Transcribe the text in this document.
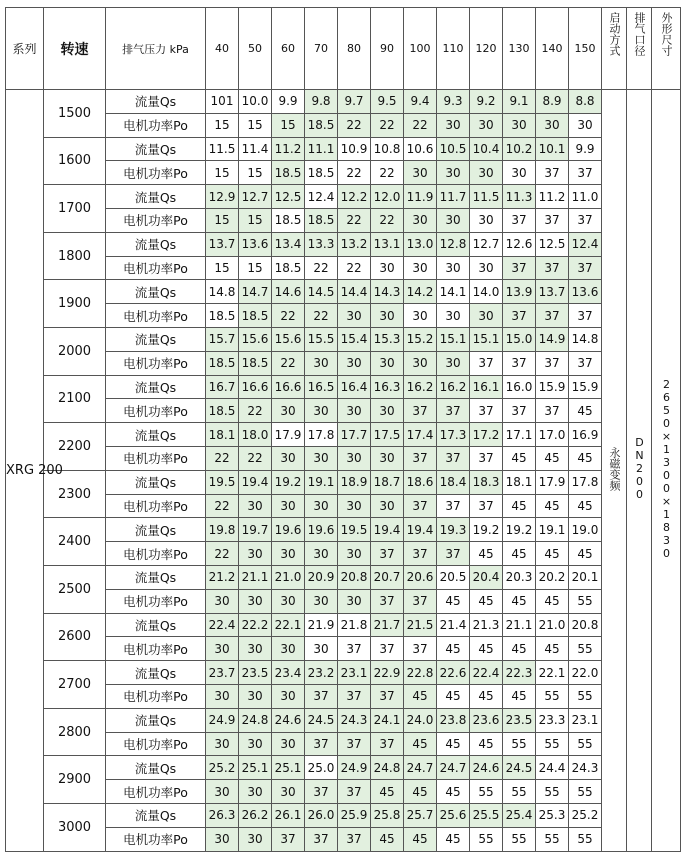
系列	转速	排气压力 kPa	40	50	60	70	80	90	100	110	120	130	140	150	启动方式	排气口径	外形尺寸
XRG 200	1500	流量Qs	101	10.0	9.9	9.8	9.7	9.5	9.4	9.3	9.2	9.1	8.9	8.8	永磁变频	DN200	2650×1300×1830
		电机功率Po	15	15	15	18.5	22	22	22	30	30	30	30	30			
	1600	流量Qs	11.5	11.4	11.2	11.1	10.9	10.8	10.6	10.5	10.4	10.2	10.1	9.9			
		电机功率Po	15	15	18.5	18.5	22	22	30	30	30	30	37	37			
	1700	流量Qs	12.9	12.7	12.5	12.4	12.2	12.0	11.9	11.7	11.5	11.3	11.2	11.0			
		电机功率Po	15	15	18.5	18.5	22	22	30	30	30	37	37	37			
	1800	流量Qs	13.7	13.6	13.4	13.3	13.2	13.1	13.0	12.8	12.7	12.6	12.5	12.4			
		电机功率Po	15	15	18.5	22	22	30	30	30	30	37	37	37			
	1900	流量Qs	14.8	14.7	14.6	14.5	14.4	14.3	14.2	14.1	14.0	13.9	13.7	13.6			
		电机功率Po	18.5	18.5	22	22	30	30	30	30	30	37	37	37			
	2000	流量Qs	15.7	15.6	15.6	15.5	15.4	15.3	15.2	15.1	15.1	15.0	14.9	14.8			
		电机功率Po	18.5	18.5	22	30	30	30	30	30	37	37	37	37			
	2100	流量Qs	16.7	16.6	16.6	16.5	16.4	16.3	16.2	16.2	16.1	16.0	15.9	15.9			
		电机功率Po	18.5	22	30	30	30	30	37	37	37	37	37	45			
	2200	流量Qs	18.1	18.0	17.9	17.8	17.7	17.5	17.4	17.3	17.2	17.1	17.0	16.9			
		电机功率Po	22	22	30	30	30	30	37	37	37	45	45	45			
	2300	流量Qs	19.5	19.4	19.2	19.1	18.9	18.7	18.6	18.4	18.3	18.1	17.9	17.8			
		电机功率Po	22	30	30	30	30	30	37	37	37	45	45	45			
	2400	流量Qs	19.8	19.7	19.6	19.6	19.5	19.4	19.4	19.3	19.2	19.2	19.1	19.0			
		电机功率Po	22	30	30	30	30	37	37	37	45	45	45	45			
	2500	流量Qs	21.2	21.1	21.0	20.9	20.8	20.7	20.6	20.5	20.4	20.3	20.2	20.1			
		电机功率Po	30	30	30	30	30	37	37	45	45	45	45	55			
	2600	流量Qs	22.4	22.2	22.1	21.9	21.8	21.7	21.5	21.4	21.3	21.1	21.0	20.8			
		电机功率Po	30	30	30	30	37	37	37	45	45	45	45	55			
	2700	流量Qs	23.7	23.5	23.4	23.2	23.1	22.9	22.8	22.6	22.4	22.3	22.1	22.0			
		电机功率Po	30	30	30	37	37	37	45	45	45	45	55	55			
	2800	流量Qs	24.9	24.8	24.6	24.5	24.3	24.1	24.0	23.8	23.6	23.5	23.3	23.1			
		电机功率Po	30	30	30	37	37	37	45	45	45	55	55	55			
	2900	流量Qs	25.2	25.1	25.1	25.0	24.9	24.8	24.7	24.7	24.6	24.5	24.4	24.3			
		电机功率Po	30	30	30	37	37	45	45	45	55	55	55	55			
	3000	流量Qs	26.3	26.2	26.1	26.0	25.9	25.8	25.7	25.6	25.5	25.4	25.3	25.2			
		电机功率Po	30	30	37	37	37	45	45	45	55	55	55	55			
